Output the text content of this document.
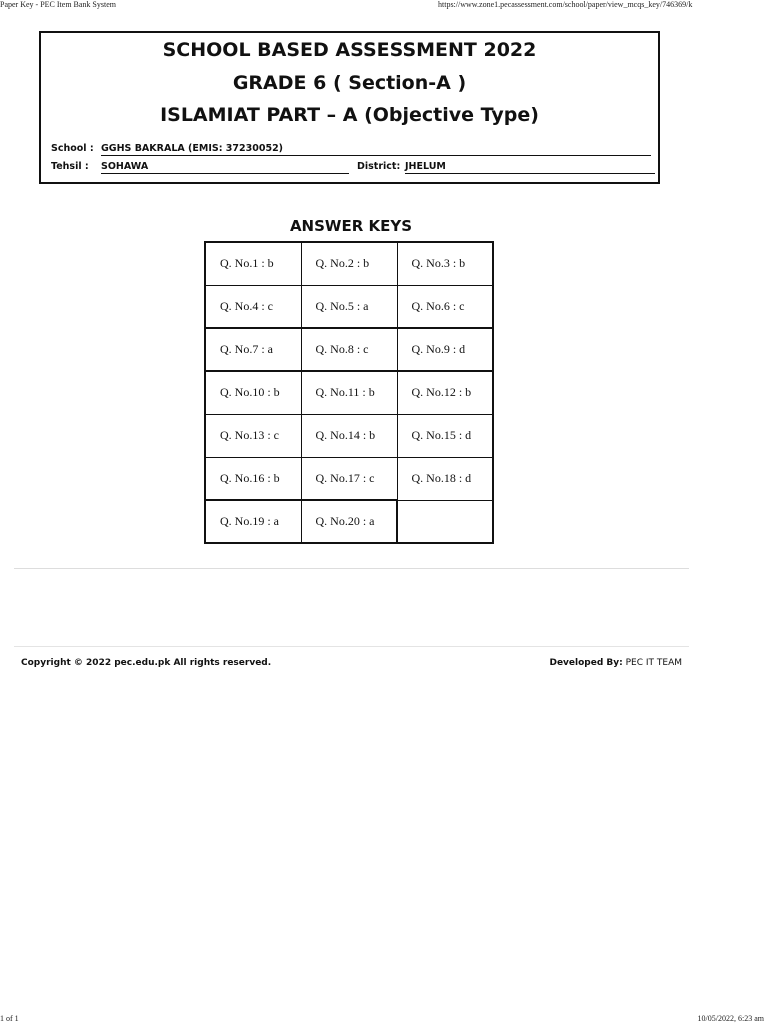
Paper Key - PEC Item Bank System	https://www.zone1.pecassessment.com/school/paper/view_mcqs_key/746369/k
SCHOOL BASED ASSESSMENT 2022
GRADE 6 ( Section-A )
ISLAMIAT PART – A (Objective Type)
School : GGHS BAKRALA (EMIS: 37230052)
Tehsil : SOHAWA	District: JHELUM
ANSWER KEYS
Q. No.1 : b	Q. No.2 : b	Q. No.3 : b
Q. No.4 : c	Q. No.5 : a	Q. No.6 : c
Q. No.7 : a	Q. No.8 : c	Q. No.9 : d
Q. No.10 : b	Q. No.11 : b	Q. No.12 : b
Q. No.13 : c	Q. No.14 : b	Q. No.15 : d
Q. No.16 : b	Q. No.17 : c	Q. No.18 : d
Q. No.19 : a	Q. No.20 : a	
Copyright © 2022 pec.edu.pk All rights reserved.	Developed By: PEC IT TEAM
1 of 1	10/05/2022, 6:23 am
